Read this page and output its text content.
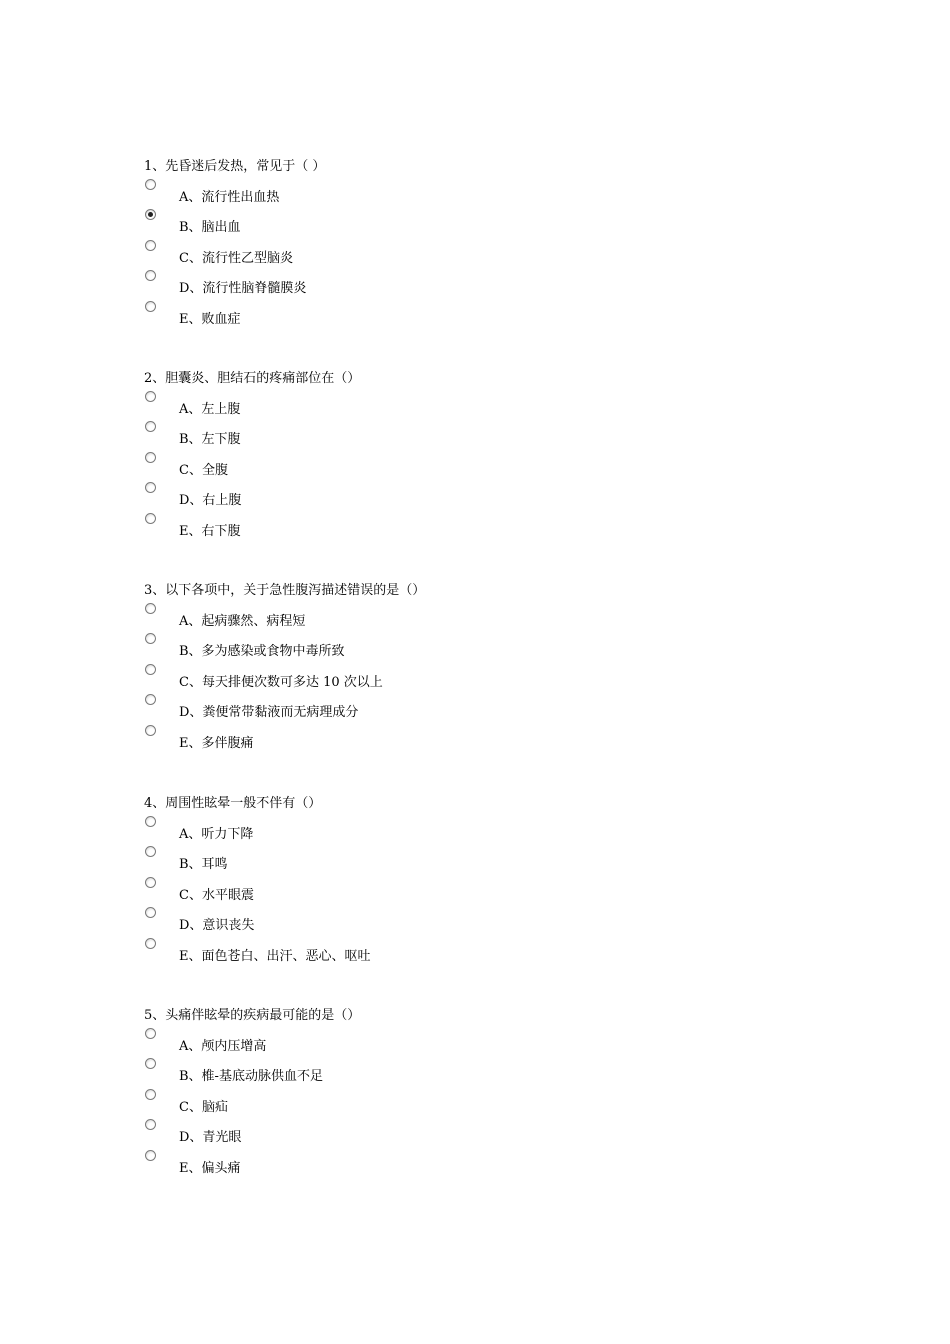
1、先昏迷后发热，常见于（ ）
A、流行性出血热
B、脑出血
C、流行性乙型脑炎
D、流行性脑脊髓膜炎
E、败血症
2、胆囊炎、胆结石的疼痛部位在（）
A、左上腹
B、左下腹
C、全腹
D、右上腹
E、右下腹
3、以下各项中，关于急性腹泻描述错误的是（）
A、起病骤然、病程短
B、多为感染或食物中毒所致
C、每天排便次数可多达 10 次以上
D、粪便常带黏液而无病理成分
E、多伴腹痛
4、周围性眩晕一般不伴有（）
A、听力下降
B、耳鸣
C、水平眼震
D、意识丧失
E、面色苍白、出汗、恶心、呕吐
5、头痛伴眩晕的疾病最可能的是（）
A、颅内压增高
B、椎-基底动脉供血不足
C、脑疝
D、青光眼
E、偏头痛
